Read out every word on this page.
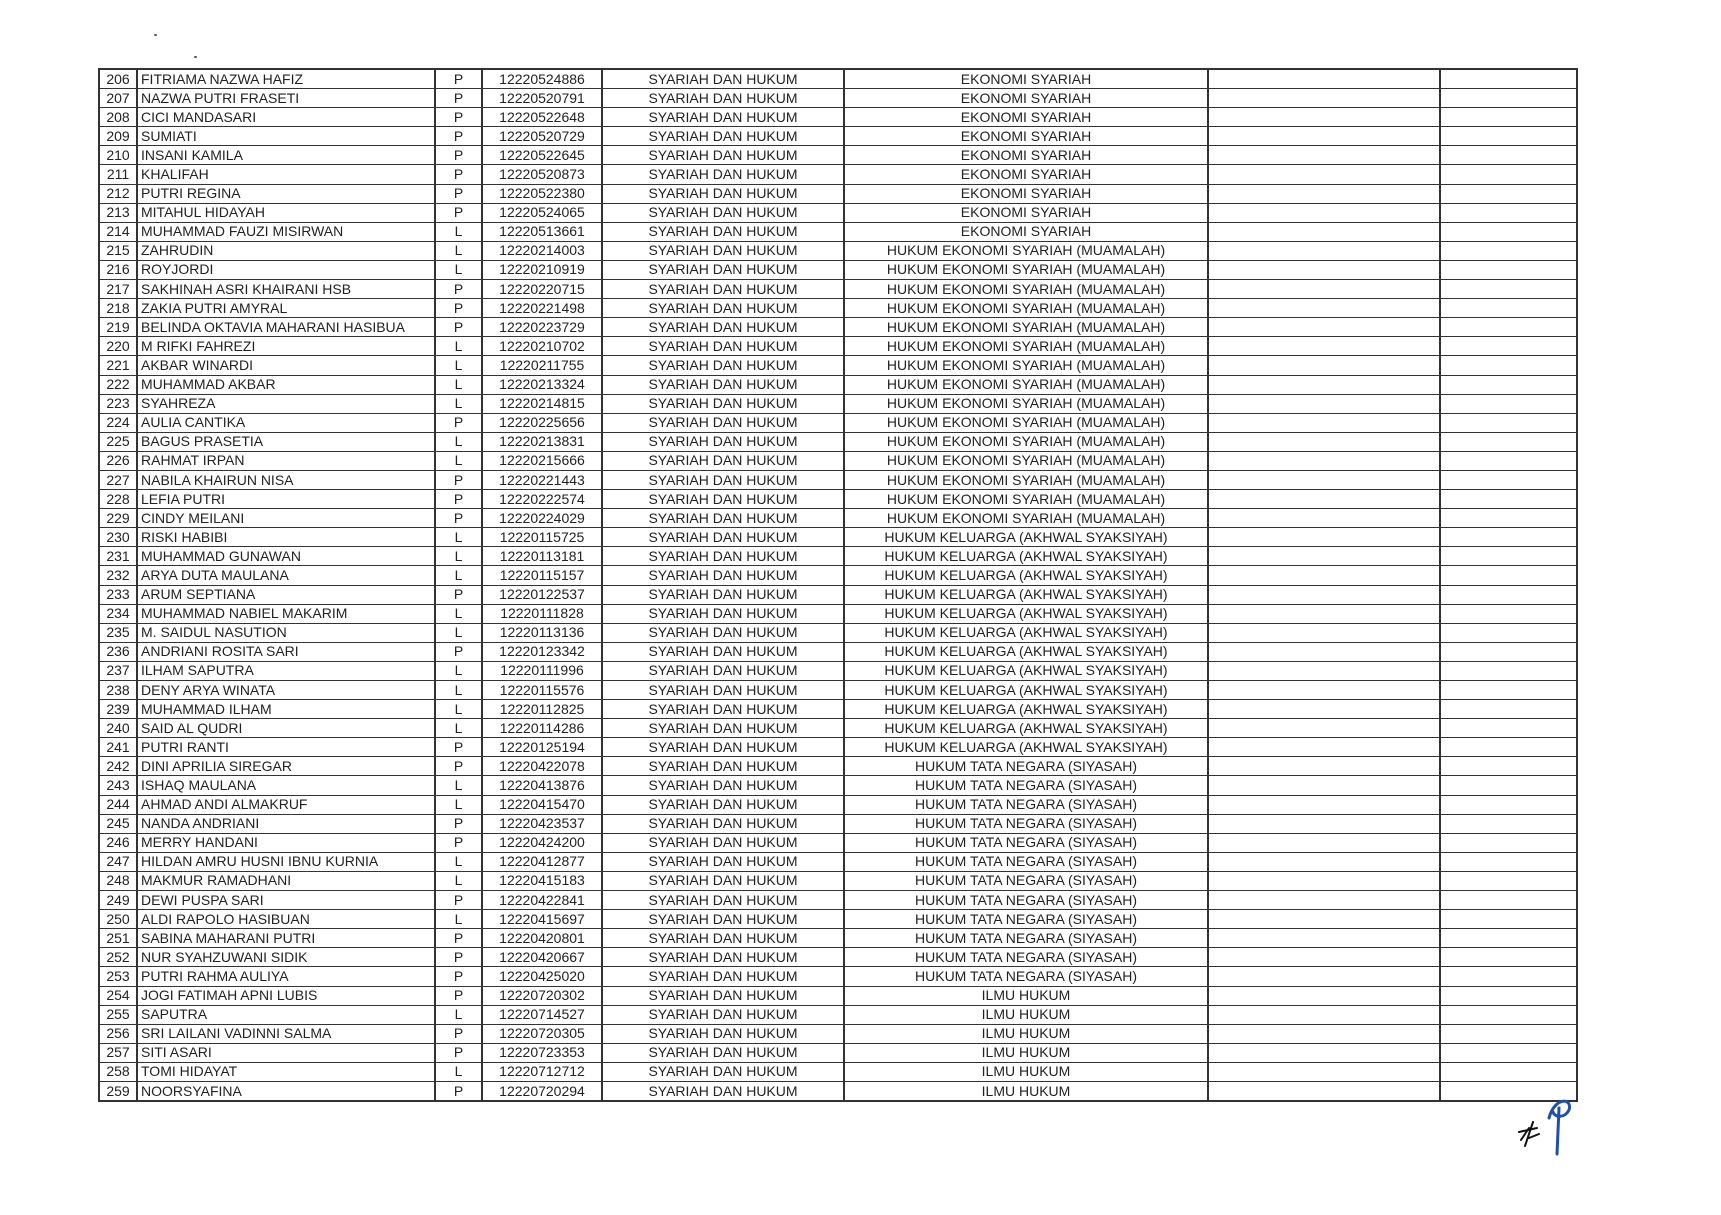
206	FITRIAMA NAZWA HAFIZ	P	12220524886	SYARIAH DAN HUKUM	EKONOMI SYARIAH		
207	NAZWA PUTRI FRASETI	P	12220520791	SYARIAH DAN HUKUM	EKONOMI SYARIAH		
208	CICI MANDASARI	P	12220522648	SYARIAH DAN HUKUM	EKONOMI SYARIAH		
209	SUMIATI	P	12220520729	SYARIAH DAN HUKUM	EKONOMI SYARIAH		
210	INSANI KAMILA	P	12220522645	SYARIAH DAN HUKUM	EKONOMI SYARIAH		
211	KHALIFAH	P	12220520873	SYARIAH DAN HUKUM	EKONOMI SYARIAH		
212	PUTRI REGINA	P	12220522380	SYARIAH DAN HUKUM	EKONOMI SYARIAH		
213	MITAHUL HIDAYAH	P	12220524065	SYARIAH DAN HUKUM	EKONOMI SYARIAH		
214	MUHAMMAD FAUZI MISIRWAN	L	12220513661	SYARIAH DAN HUKUM	EKONOMI SYARIAH		
215	ZAHRUDIN	L	12220214003	SYARIAH DAN HUKUM	HUKUM EKONOMI SYARIAH (MUAMALAH)		
216	ROYJORDI	L	12220210919	SYARIAH DAN HUKUM	HUKUM EKONOMI SYARIAH (MUAMALAH)		
217	SAKHINAH ASRI KHAIRANI HSB	P	12220220715	SYARIAH DAN HUKUM	HUKUM EKONOMI SYARIAH (MUAMALAH)		
218	ZAKIA PUTRI AMYRAL	P	12220221498	SYARIAH DAN HUKUM	HUKUM EKONOMI SYARIAH (MUAMALAH)		
219	BELINDA OKTAVIA MAHARANI HASIBUA	P	12220223729	SYARIAH DAN HUKUM	HUKUM EKONOMI SYARIAH (MUAMALAH)		
220	M RIFKI FAHREZI	L	12220210702	SYARIAH DAN HUKUM	HUKUM EKONOMI SYARIAH (MUAMALAH)		
221	AKBAR WINARDI	L	12220211755	SYARIAH DAN HUKUM	HUKUM EKONOMI SYARIAH (MUAMALAH)		
222	MUHAMMAD AKBAR	L	12220213324	SYARIAH DAN HUKUM	HUKUM EKONOMI SYARIAH (MUAMALAH)		
223	SYAHREZA	L	12220214815	SYARIAH DAN HUKUM	HUKUM EKONOMI SYARIAH (MUAMALAH)		
224	AULIA CANTIKA	P	12220225656	SYARIAH DAN HUKUM	HUKUM EKONOMI SYARIAH (MUAMALAH)		
225	BAGUS PRASETIA	L	12220213831	SYARIAH DAN HUKUM	HUKUM EKONOMI SYARIAH (MUAMALAH)		
226	RAHMAT IRPAN	L	12220215666	SYARIAH DAN HUKUM	HUKUM EKONOMI SYARIAH (MUAMALAH)		
227	NABILA KHAIRUN NISA	P	12220221443	SYARIAH DAN HUKUM	HUKUM EKONOMI SYARIAH (MUAMALAH)		
228	LEFIA PUTRI	P	12220222574	SYARIAH DAN HUKUM	HUKUM EKONOMI SYARIAH (MUAMALAH)		
229	CINDY MEILANI	P	12220224029	SYARIAH DAN HUKUM	HUKUM EKONOMI SYARIAH (MUAMALAH)		
230	RISKI HABIBI	L	12220115725	SYARIAH DAN HUKUM	HUKUM KELUARGA (AKHWAL SYAKSIYAH)		
231	MUHAMMAD GUNAWAN	L	12220113181	SYARIAH DAN HUKUM	HUKUM KELUARGA (AKHWAL SYAKSIYAH)		
232	ARYA DUTA MAULANA	L	12220115157	SYARIAH DAN HUKUM	HUKUM KELUARGA (AKHWAL SYAKSIYAH)		
233	ARUM SEPTIANA	P	12220122537	SYARIAH DAN HUKUM	HUKUM KELUARGA (AKHWAL SYAKSIYAH)		
234	MUHAMMAD NABIEL MAKARIM	L	12220111828	SYARIAH DAN HUKUM	HUKUM KELUARGA (AKHWAL SYAKSIYAH)		
235	M. SAIDUL NASUTION	L	12220113136	SYARIAH DAN HUKUM	HUKUM KELUARGA (AKHWAL SYAKSIYAH)		
236	ANDRIANI ROSITA SARI	P	12220123342	SYARIAH DAN HUKUM	HUKUM KELUARGA (AKHWAL SYAKSIYAH)		
237	ILHAM SAPUTRA	L	12220111996	SYARIAH DAN HUKUM	HUKUM KELUARGA (AKHWAL SYAKSIYAH)		
238	DENY ARYA WINATA	L	12220115576	SYARIAH DAN HUKUM	HUKUM KELUARGA (AKHWAL SYAKSIYAH)		
239	MUHAMMAD ILHAM	L	12220112825	SYARIAH DAN HUKUM	HUKUM KELUARGA (AKHWAL SYAKSIYAH)		
240	SAID AL QUDRI	L	12220114286	SYARIAH DAN HUKUM	HUKUM KELUARGA (AKHWAL SYAKSIYAH)		
241	PUTRI RANTI	P	12220125194	SYARIAH DAN HUKUM	HUKUM KELUARGA (AKHWAL SYAKSIYAH)		
242	DINI APRILIA SIREGAR	P	12220422078	SYARIAH DAN HUKUM	HUKUM TATA NEGARA (SIYASAH)		
243	ISHAQ MAULANA	L	12220413876	SYARIAH DAN HUKUM	HUKUM TATA NEGARA (SIYASAH)		
244	AHMAD ANDI ALMAKRUF	L	12220415470	SYARIAH DAN HUKUM	HUKUM TATA NEGARA (SIYASAH)		
245	NANDA ANDRIANI	P	12220423537	SYARIAH DAN HUKUM	HUKUM TATA NEGARA (SIYASAH)		
246	MERRY HANDANI	P	12220424200	SYARIAH DAN HUKUM	HUKUM TATA NEGARA (SIYASAH)		
247	HILDAN AMRU HUSNI IBNU KURNIA	L	12220412877	SYARIAH DAN HUKUM	HUKUM TATA NEGARA (SIYASAH)		
248	MAKMUR RAMADHANI	L	12220415183	SYARIAH DAN HUKUM	HUKUM TATA NEGARA (SIYASAH)		
249	DEWI PUSPA SARI	P	12220422841	SYARIAH DAN HUKUM	HUKUM TATA NEGARA (SIYASAH)		
250	ALDI RAPOLO HASIBUAN	L	12220415697	SYARIAH DAN HUKUM	HUKUM TATA NEGARA (SIYASAH)		
251	SABINA MAHARANI PUTRI	P	12220420801	SYARIAH DAN HUKUM	HUKUM TATA NEGARA (SIYASAH)		
252	NUR SYAHZUWANI SIDIK	P	12220420667	SYARIAH DAN HUKUM	HUKUM TATA NEGARA (SIYASAH)		
253	PUTRI RAHMA AULIYA	P	12220425020	SYARIAH DAN HUKUM	HUKUM TATA NEGARA (SIYASAH)		
254	JOGI FATIMAH APNI LUBIS	P	12220720302	SYARIAH DAN HUKUM	ILMU HUKUM		
255	SAPUTRA	L	12220714527	SYARIAH DAN HUKUM	ILMU HUKUM		
256	SRI LAILANI VADINNI SALMA	P	12220720305	SYARIAH DAN HUKUM	ILMU HUKUM		
257	SITI ASARI	P	12220723353	SYARIAH DAN HUKUM	ILMU HUKUM		
258	TOMI HIDAYAT	L	12220712712	SYARIAH DAN HUKUM	ILMU HUKUM		
259	NOORSYAFINA	P	12220720294	SYARIAH DAN HUKUM	ILMU HUKUM		
